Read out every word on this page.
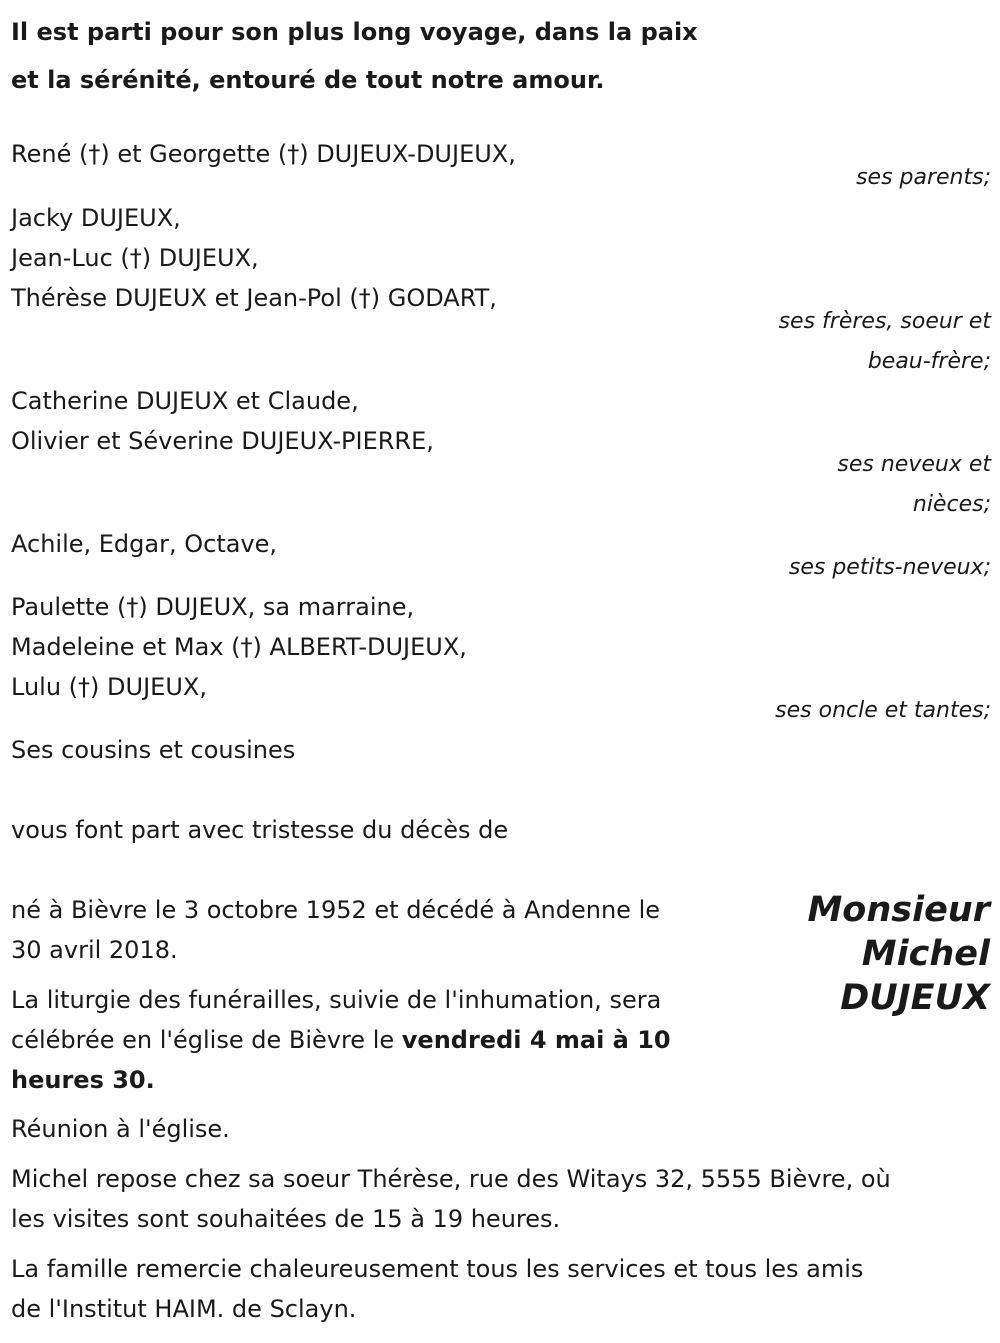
Il est parti pour son plus long voyage, dans la paix
et la sérénité, entouré de tout notre amour.
René (†) et Georgette (†) DUJEUX-DUJEUX,
ses parents;
Jacky DUJEUX,
Jean-Luc (†) DUJEUX,
Thérèse DUJEUX et Jean-Pol (†) GODART,
ses frères, soeur et
beau-frère;
Catherine DUJEUX et Claude,
Olivier et Séverine DUJEUX-PIERRE,
ses neveux et
nièces;
Achile, Edgar, Octave,
ses petits-neveux;
Paulette (†) DUJEUX, sa marraine,
Madeleine et Max (†) ALBERT-DUJEUX,
Lulu (†) DUJEUX,
ses oncle et tantes;
Ses cousins et cousines
vous font part avec tristesse du décès de
Monsieur
Michel
DUJEUX
né à Bièvre le 3 octobre 1952 et décédé à Andenne le
30 avril 2018.
La liturgie des funérailles, suivie de l'inhumation, sera
célébrée en l'église de Bièvre le vendredi 4 mai à 10
heures 30.
Réunion à l'église.
Michel repose chez sa soeur Thérèse, rue des Witays 32, 5555 Bièvre, où
les visites sont souhaitées de 15 à 19 heures.
La famille remercie chaleureusement tous les services et tous les amis
de l'Institut HAIM. de Sclayn.
